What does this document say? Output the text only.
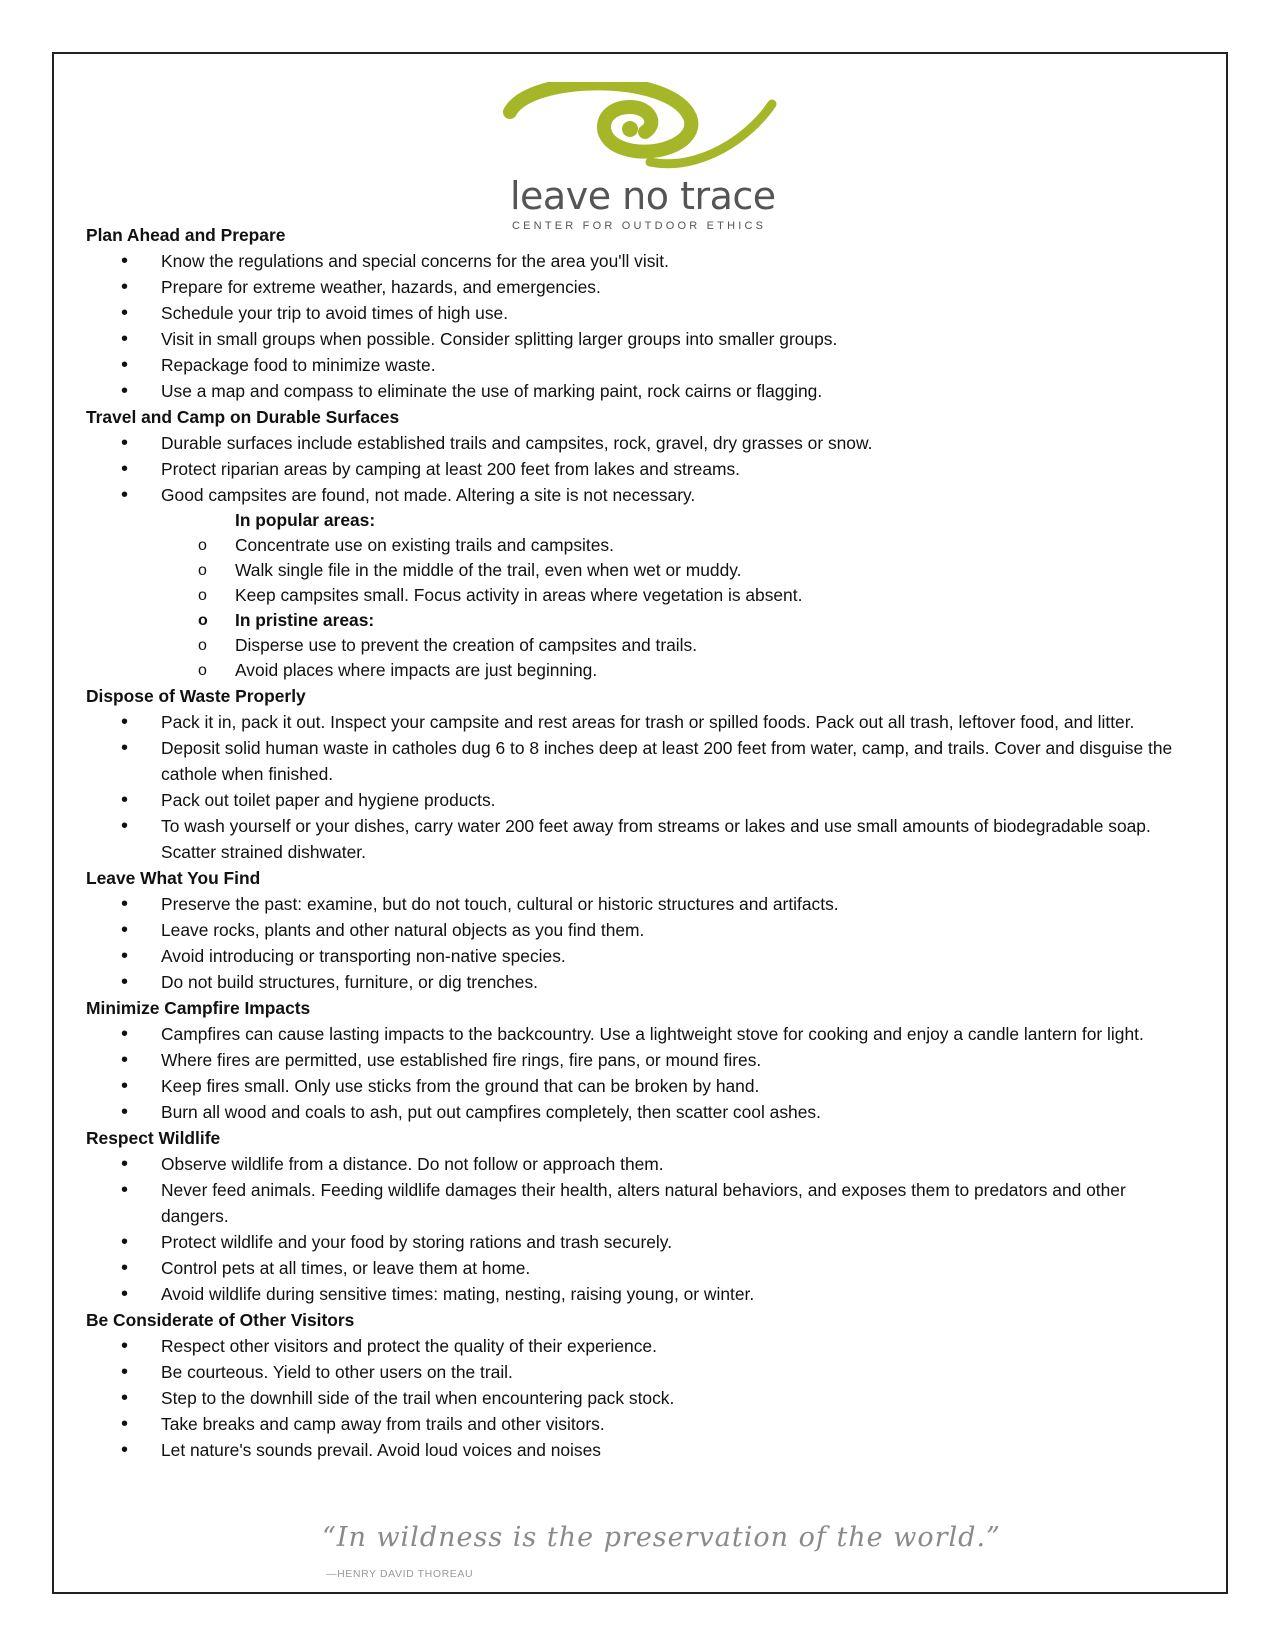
leave no trace
CENTER FOR OUTDOOR ETHICS
Plan Ahead and Prepare
• Know the regulations and special concerns for the area you'll visit.
• Prepare for extreme weather, hazards, and emergencies.
• Schedule your trip to avoid times of high use.
• Visit in small groups when possible. Consider splitting larger groups into smaller groups.
• Repackage food to minimize waste.
• Use a map and compass to eliminate the use of marking paint, rock cairns or flagging.
Travel and Camp on Durable Surfaces
• Durable surfaces include established trails and campsites, rock, gravel, dry grasses or snow.
• Protect riparian areas by camping at least 200 feet from lakes and streams.
• Good campsites are found, not made. Altering a site is not necessary.
In popular areas:
o Concentrate use on existing trails and campsites.
o Walk single file in the middle of the trail, even when wet or muddy.
o Keep campsites small. Focus activity in areas where vegetation is absent.
o In pristine areas:
o Disperse use to prevent the creation of campsites and trails.
o Avoid places where impacts are just beginning.
Dispose of Waste Properly
• Pack it in, pack it out. Inspect your campsite and rest areas for trash or spilled foods. Pack out all trash, leftover food, and litter.
• Deposit solid human waste in catholes dug 6 to 8 inches deep at least 200 feet from water, camp, and trails. Cover and disguise the cathole when finished.
• Pack out toilet paper and hygiene products.
• To wash yourself or your dishes, carry water 200 feet away from streams or lakes and use small amounts of biodegradable soap. Scatter strained dishwater.
Leave What You Find
• Preserve the past: examine, but do not touch, cultural or historic structures and artifacts.
• Leave rocks, plants and other natural objects as you find them.
• Avoid introducing or transporting non-native species.
• Do not build structures, furniture, or dig trenches.
Minimize Campfire Impacts
• Campfires can cause lasting impacts to the backcountry. Use a lightweight stove for cooking and enjoy a candle lantern for light.
• Where fires are permitted, use established fire rings, fire pans, or mound fires.
• Keep fires small. Only use sticks from the ground that can be broken by hand.
• Burn all wood and coals to ash, put out campfires completely, then scatter cool ashes.
Respect Wildlife
• Observe wildlife from a distance. Do not follow or approach them.
• Never feed animals. Feeding wildlife damages their health, alters natural behaviors, and exposes them to predators and other dangers.
• Protect wildlife and your food by storing rations and trash securely.
• Control pets at all times, or leave them at home.
• Avoid wildlife during sensitive times: mating, nesting, raising young, or winter.
Be Considerate of Other Visitors
• Respect other visitors and protect the quality of their experience.
• Be courteous. Yield to other users on the trail.
• Step to the downhill side of the trail when encountering pack stock.
• Take breaks and camp away from trails and other visitors.
• Let nature's sounds prevail. Avoid loud voices and noises
“In wildness is the preservation of the world.”
—HENRY DAVID THOREAU
